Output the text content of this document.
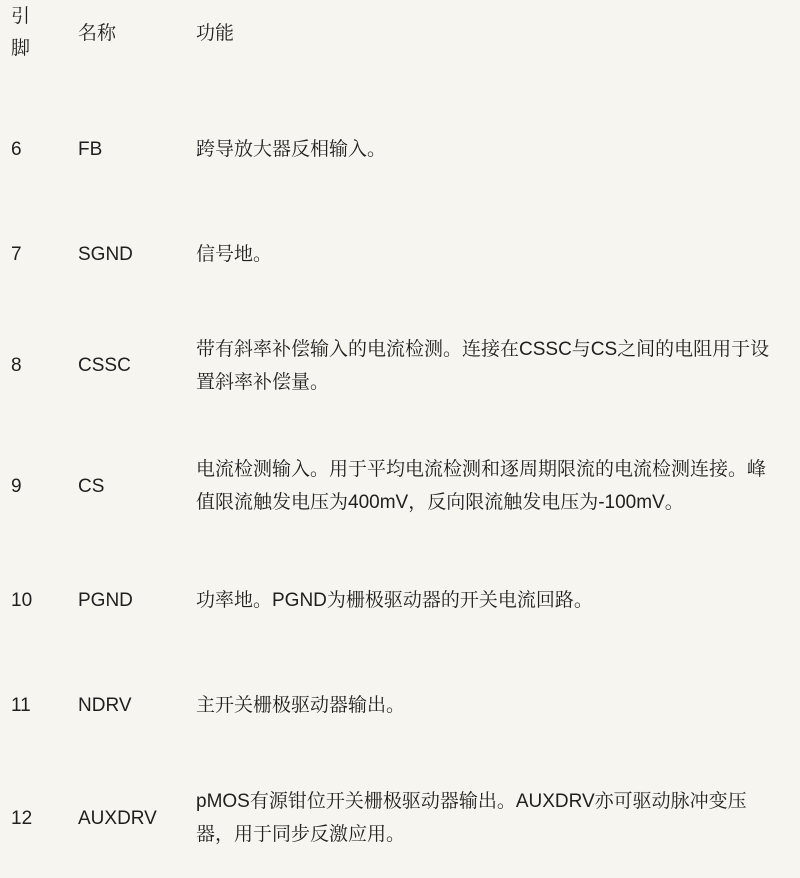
引脚	名称	功能
6	FB	跨导放大器反相输入。
7	SGND	信号地。
8	CSSC	带有斜率补偿输入的电流检测。连接在CSSC与CS之间的电阻用于设置斜率补偿量。
9	CS	电流检测输入。用于平均电流检测和逐周期限流的电流检测连接。峰值限流触发电压为400mV，反向限流触发电压为-100mV。
10	PGND	功率地。PGND为栅极驱动器的开关电流回路。
11	NDRV	主开关栅极驱动器输出。
12	AUXDRV	pMOS有源钳位开关栅极驱动器输出。AUXDRV亦可驱动脉冲变压器，用于同步反激应用。
